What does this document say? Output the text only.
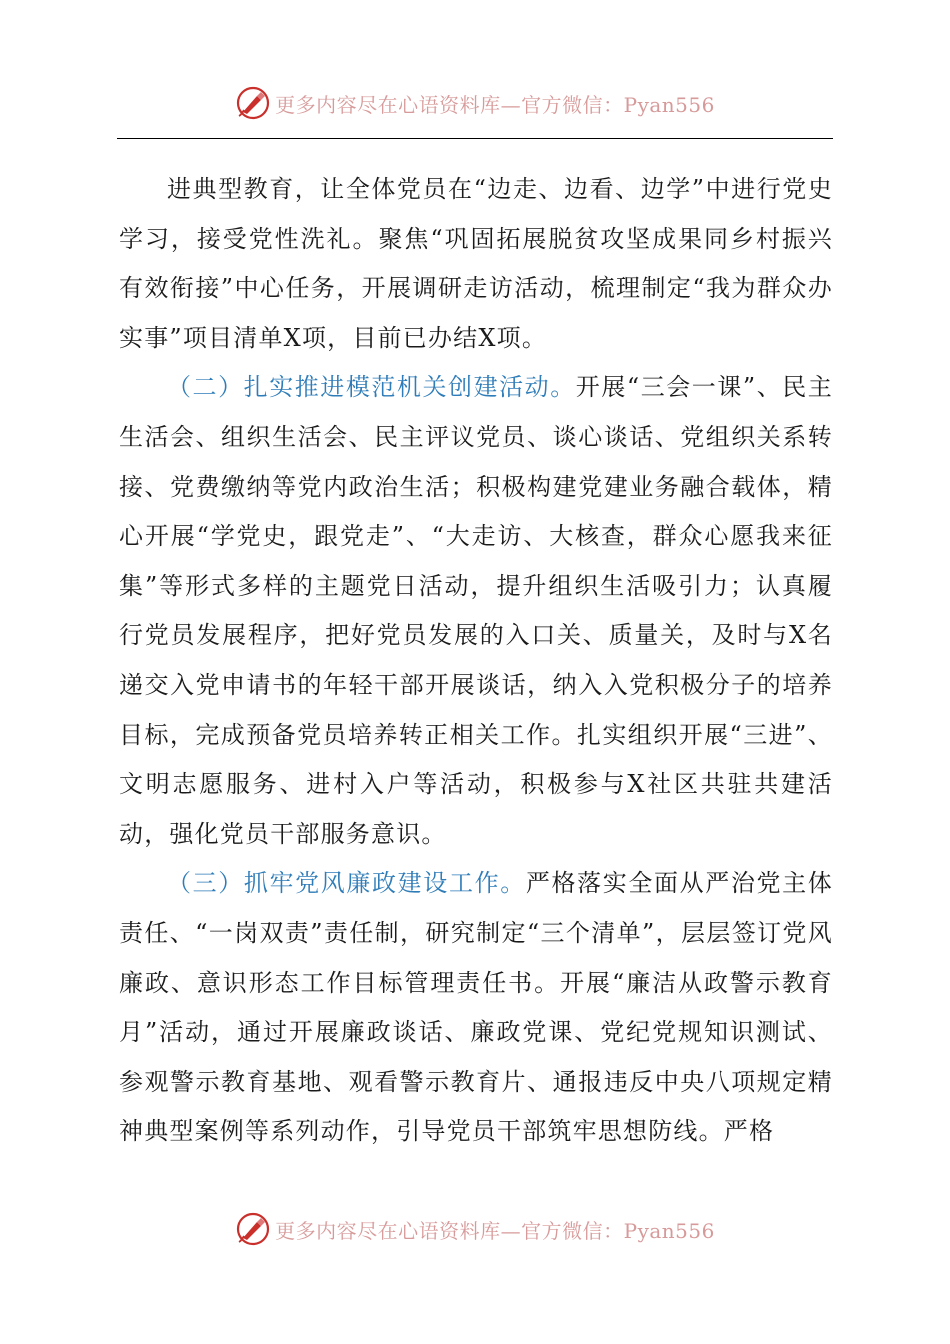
更多内容尽在心语资料库—官方微信：Pyan556

进典型教育，让全体党员在“边走、边看、边学”中进行党史学习，接受党性洗礼。聚焦“巩固拓展脱贫攻坚成果同乡村振兴有效衔接”中心任务，开展调研走访活动，梳理制定“我为群众办实事”项目清单X项，目前已办结X项。

（二）扎实推进模范机关创建活动。开展“三会一课”、民主生活会、组织生活会、民主评议党员、谈心谈话、党组织关系转接、党费缴纳等党内政治生活；积极构建党建业务融合载体，精心开展“学党史，跟党走”、“大走访、大核查，群众心愿我来征集”等形式多样的主题党日活动，提升组织生活吸引力；认真履行党员发展程序，把好党员发展的入口关、质量关，及时与X名递交入党申请书的年轻干部开展谈话，纳入入党积极分子的培养目标，完成预备党员培养转正相关工作。扎实组织开展“三进”、文明志愿服务、进村入户等活动，积极参与X社区共驻共建活动，强化党员干部服务意识。

（三）抓牢党风廉政建设工作。严格落实全面从严治党主体责任、“一岗双责”责任制，研究制定“三个清单”，层层签订党风廉政、意识形态工作目标管理责任书。开展“廉洁从政警示教育月”活动，通过开展廉政谈话、廉政党课、党纪党规知识测试、参观警示教育基地、观看警示教育片、通报违反中央八项规定精神典型案例等系列动作，引导党员干部筑牢思想防线。严格

更多内容尽在心语资料库—官方微信：Pyan556
